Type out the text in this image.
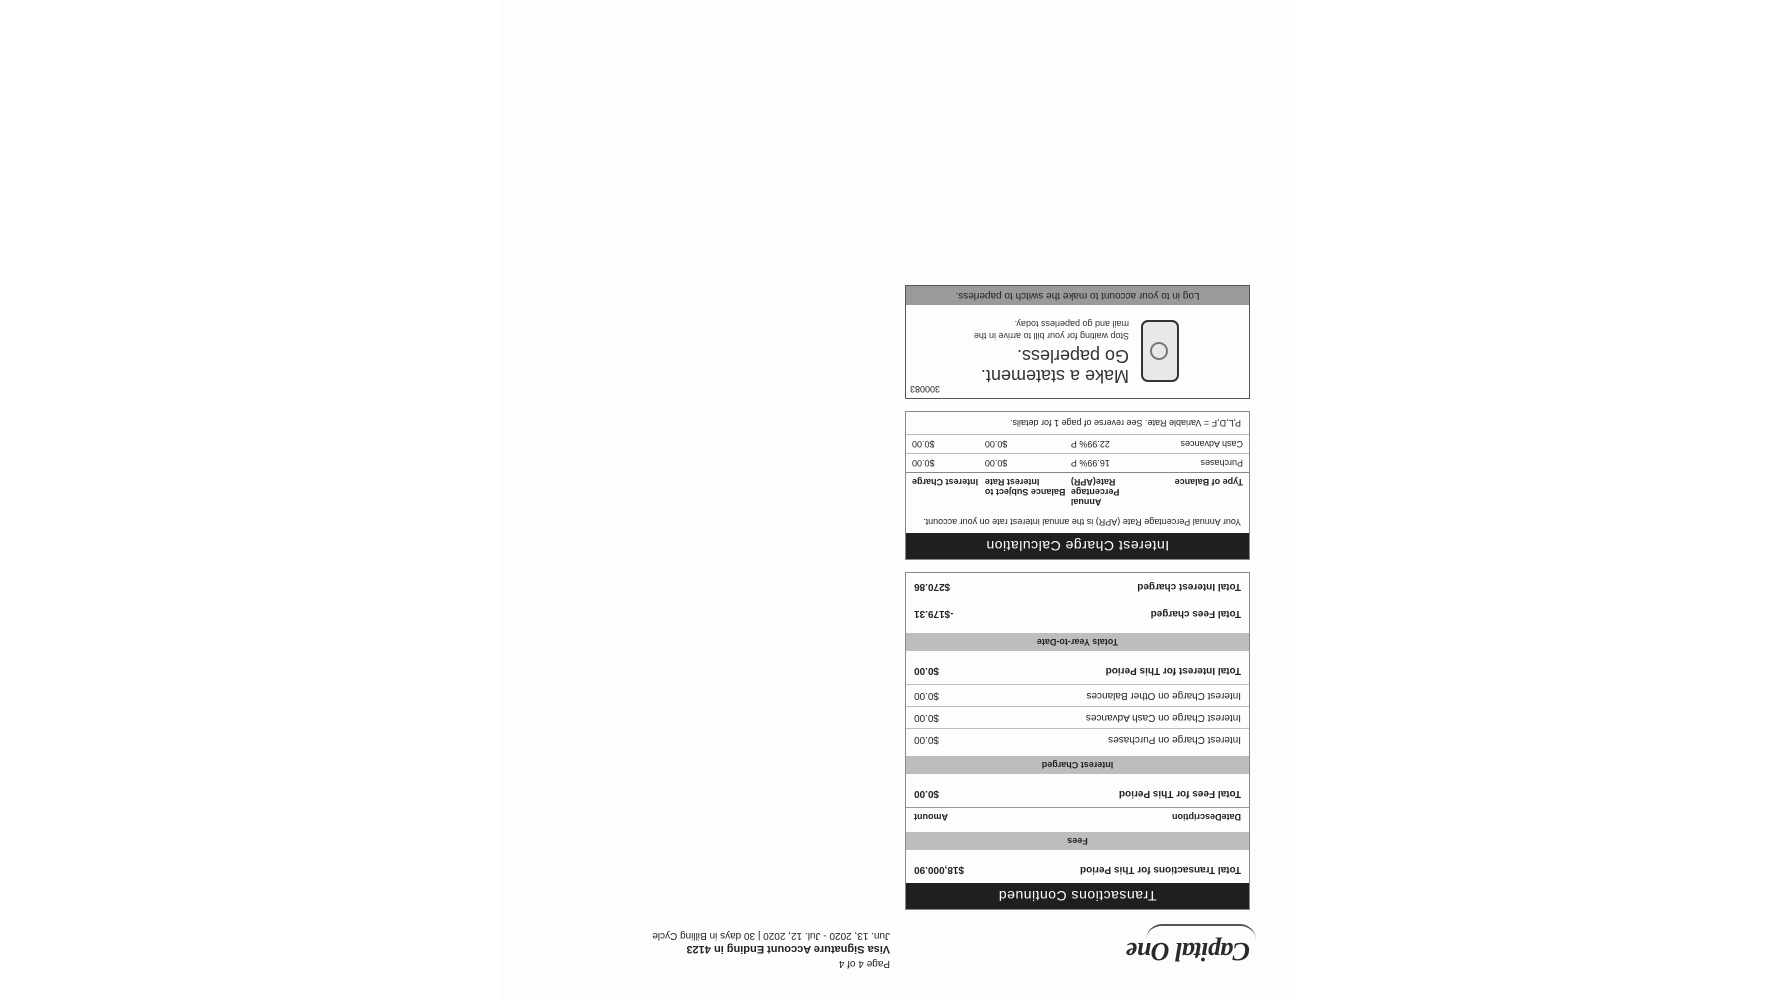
Capital One
Page 4 of 4
Visa Signature Account Ending in 4123
Jun. 13, 2020 - Jul. 12, 2020 | 30 days in Billing Cycle
Transactions Continued
Total Transactions for This Period
$18,000.90
Fees
Date
Description
Amount
Total Fees for This Period
$0.00
Interest Charged
Interest Charge on Purchases
$0.00
Interest Charge on Cash Advances
$0.00
Interest Charge on Other Balances
$0.00
Total Interest for This Period
$0.00
Totals Year-to-Date
Total Fees charged
-$179.31
Total Interest charged
$270.86
Interest Charge Calculation
Your Annual Percentage Rate (APR) is the annual interest rate on your account.
Type of Balance
Annual Percentage Rate(APR)
Balance Subject to Interest Rate
Interest Charge
Purchases
16.99% P
$0.00
$0.00
Cash Advances
22.99% P
$0.00
$0.00
P,L,D,F = Variable Rate. See reverse of page 1 for details.
300083
Make a statement.
Go paperless.
Stop waiting for your bill to arrive in the mail and go paperless today.
Log in to your account to make the switch to paperless.
